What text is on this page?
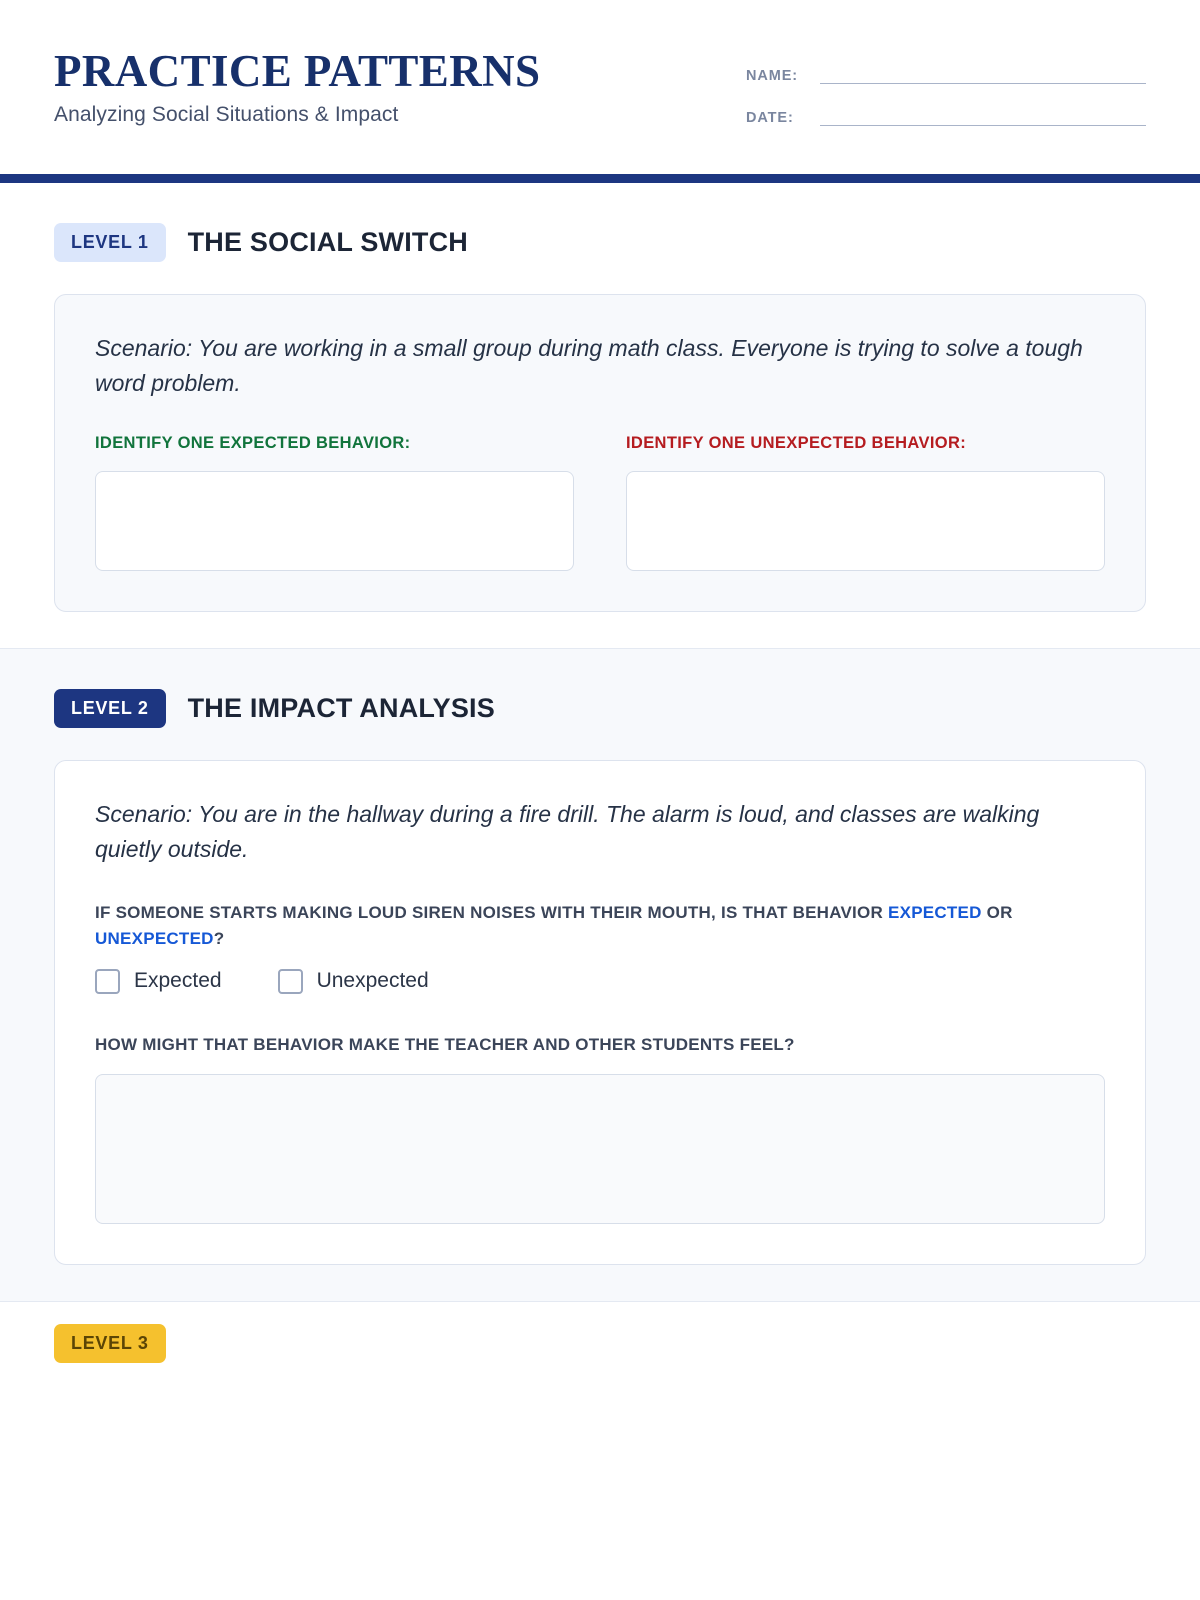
PRACTICE PATTERNS

Analyzing Social Situations & Impact

NAME:
DATE:
LEVEL 1	THE SOCIAL SWITCH

Scenario: You are working in a small group during math class. Everyone is trying to solve a tough word problem.

IDENTIFY ONE EXPECTED BEHAVIOR:	IDENTIFY ONE UNEXPECTED BEHAVIOR:
LEVEL 2	THE IMPACT ANALYSIS

Scenario: You are in the hallway during a fire drill. The alarm is loud, and classes are walking quietly outside.

IF SOMEONE STARTS MAKING LOUD SIREN NOISES WITH THEIR MOUTH, IS THAT BEHAVIOR EXPECTED OR UNEXPECTED?

Expected	Unexpected

HOW MIGHT THAT BEHAVIOR MAKE THE TEACHER AND OTHER STUDENTS FEEL?

LEVEL 3
